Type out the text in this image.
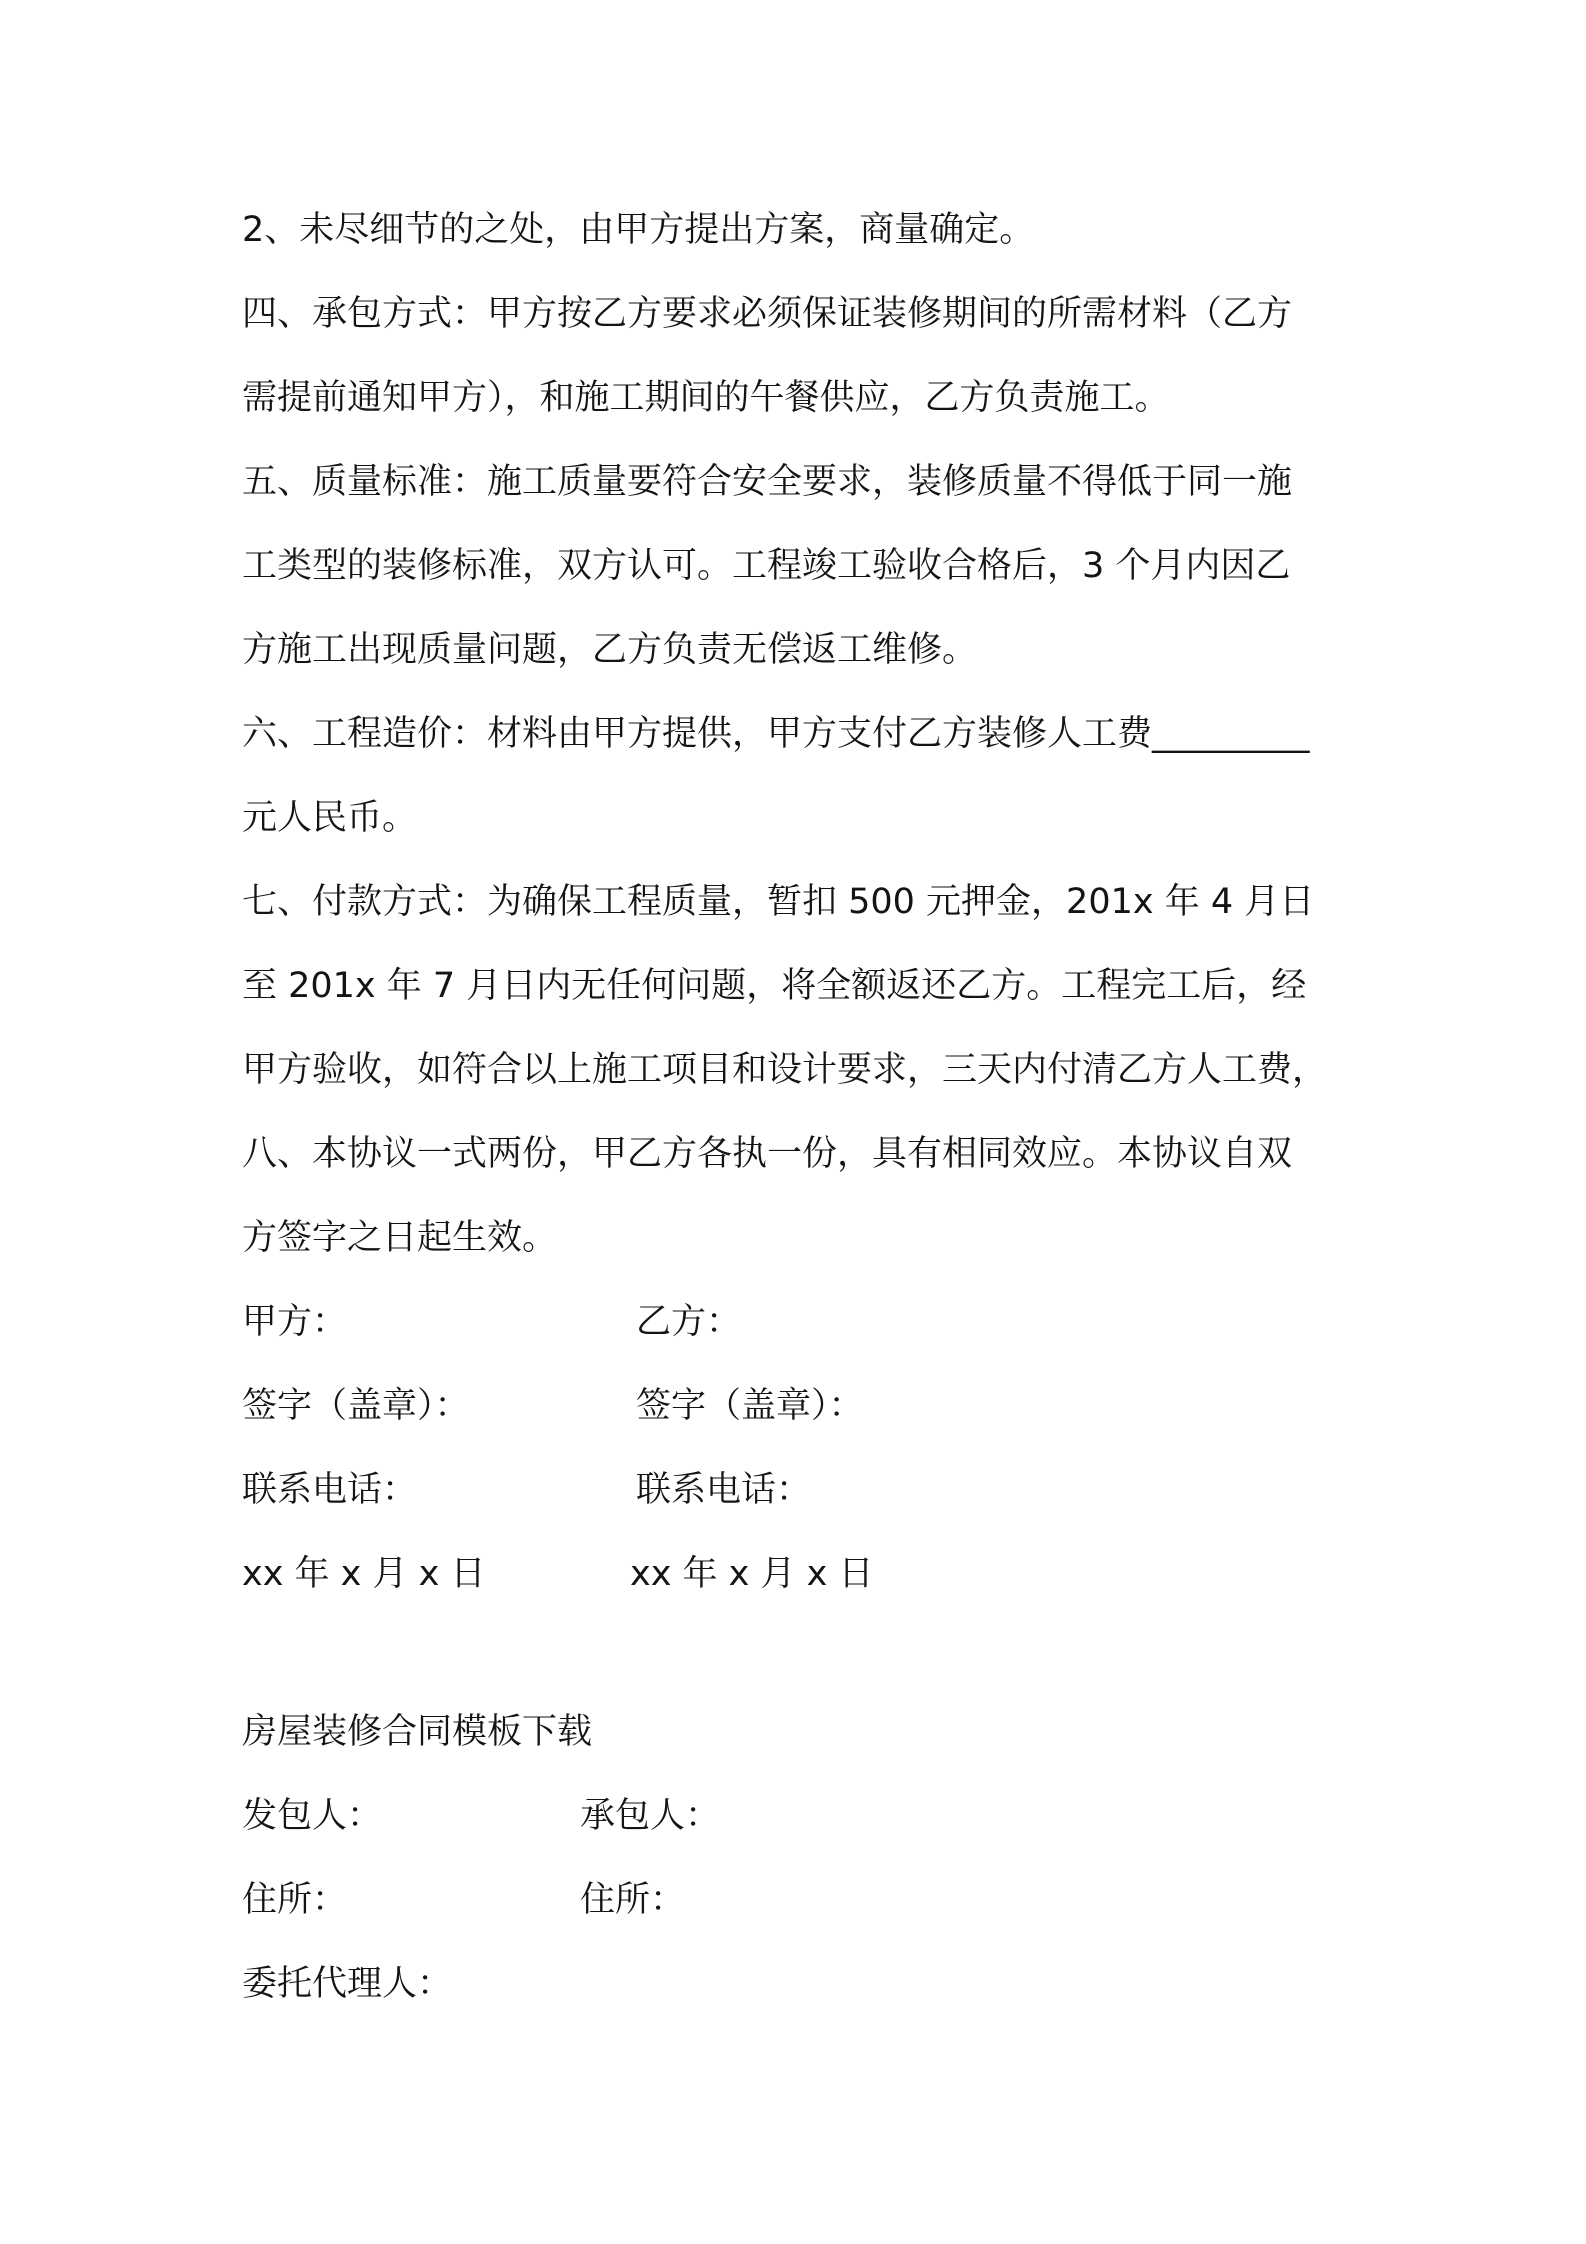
2、未尽细节的之处，由甲方提出方案，商量确定。
四、承包方式：甲方按乙方要求必须保证装修期间的所需材料（乙方
需提前通知甲方），和施工期间的午餐供应，乙方负责施工。
五、质量标准：施工质量要符合安全要求，装修质量不得低于同一施
工类型的装修标准，双方认可。工程竣工验收合格后，3 个月内因乙
方施工出现质量问题，乙方负责无偿返工维修。
六、工程造价：材料由甲方提供，甲方支付乙方装修人工费_________
元人民币。
七、付款方式：为确保工程质量，暂扣 500 元押金，201x 年 4 月日
至 201x 年 7 月日内无任何问题，将全额返还乙方。工程完工后，经
甲方验收，如符合以上施工项目和设计要求，三天内付清乙方人工费，
八、本协议一式两份，甲乙方各执一份，具有相同效应。本协议自双
方签字之日起生效。
甲方：	乙方：
签字（盖章）：	签字（盖章）：
联系电话：	联系电话：
xx 年 x 月 x 日	xx 年 x 月 x 日
房屋装修合同模板下载
发包人：	承包人：
住所：	住所：
委托代理人：
